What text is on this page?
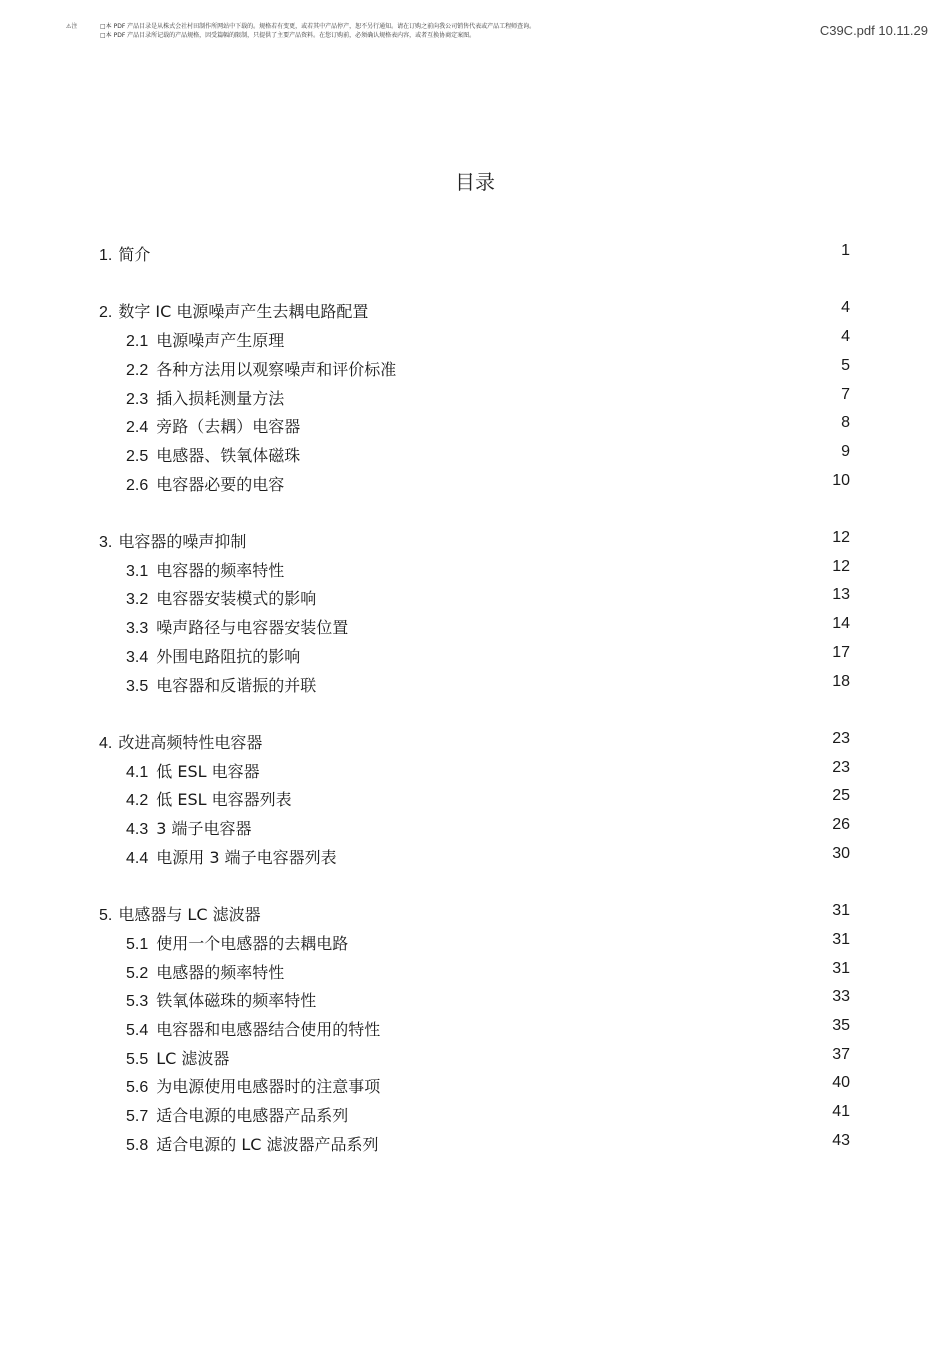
⚠注	□本 PDF 产品目录是从株式会社村田制作所网站中下载的。规格若有变更，或若其中产品停产，恕不另行通知。请在订购之前向我公司销售代表或产品工程师查询。
□本 PDF 产品目录所记载的产品规格，因受篇幅的限制，只提供了主要产品资料。在您订购前，必须确认规格表内容，或者互换协商定案图。	C39C.pdf 10.11.29
目录
1. 简介	1
2. 数字 IC 电源噪声产生去耦电路配置	4
2.1 电源噪声产生原理	4
2.2 各种方法用以观察噪声和评价标准	5
2.3 插入损耗测量方法	7
2.4 旁路（去耦）电容器	8
2.5 电感器、铁氧体磁珠	9
2.6 电容器必要的电容	10
3. 电容器的噪声抑制	12
3.1 电容器的频率特性	12
3.2 电容器安装模式的影响	13
3.3 噪声路径与电容器安装位置	14
3.4 外围电路阻抗的影响	17
3.5 电容器和反谐振的并联	18
4. 改进高频特性电容器	23
4.1 低 ESL 电容器	23
4.2 低 ESL 电容器列表	25
4.3 3 端子电容器	26
4.4 电源用 3 端子电容器列表	30
5. 电感器与 LC 滤波器	31
5.1 使用一个电感器的去耦电路	31
5.2 电感器的频率特性	31
5.3 铁氧体磁珠的频率特性	33
5.4 电容器和电感器结合使用的特性	35
5.5 LC 滤波器	37
5.6 为电源使用电感器时的注意事项	40
5.7 适合电源的电感器产品系列	41
5.8 适合电源的 LC 滤波器产品系列	43
